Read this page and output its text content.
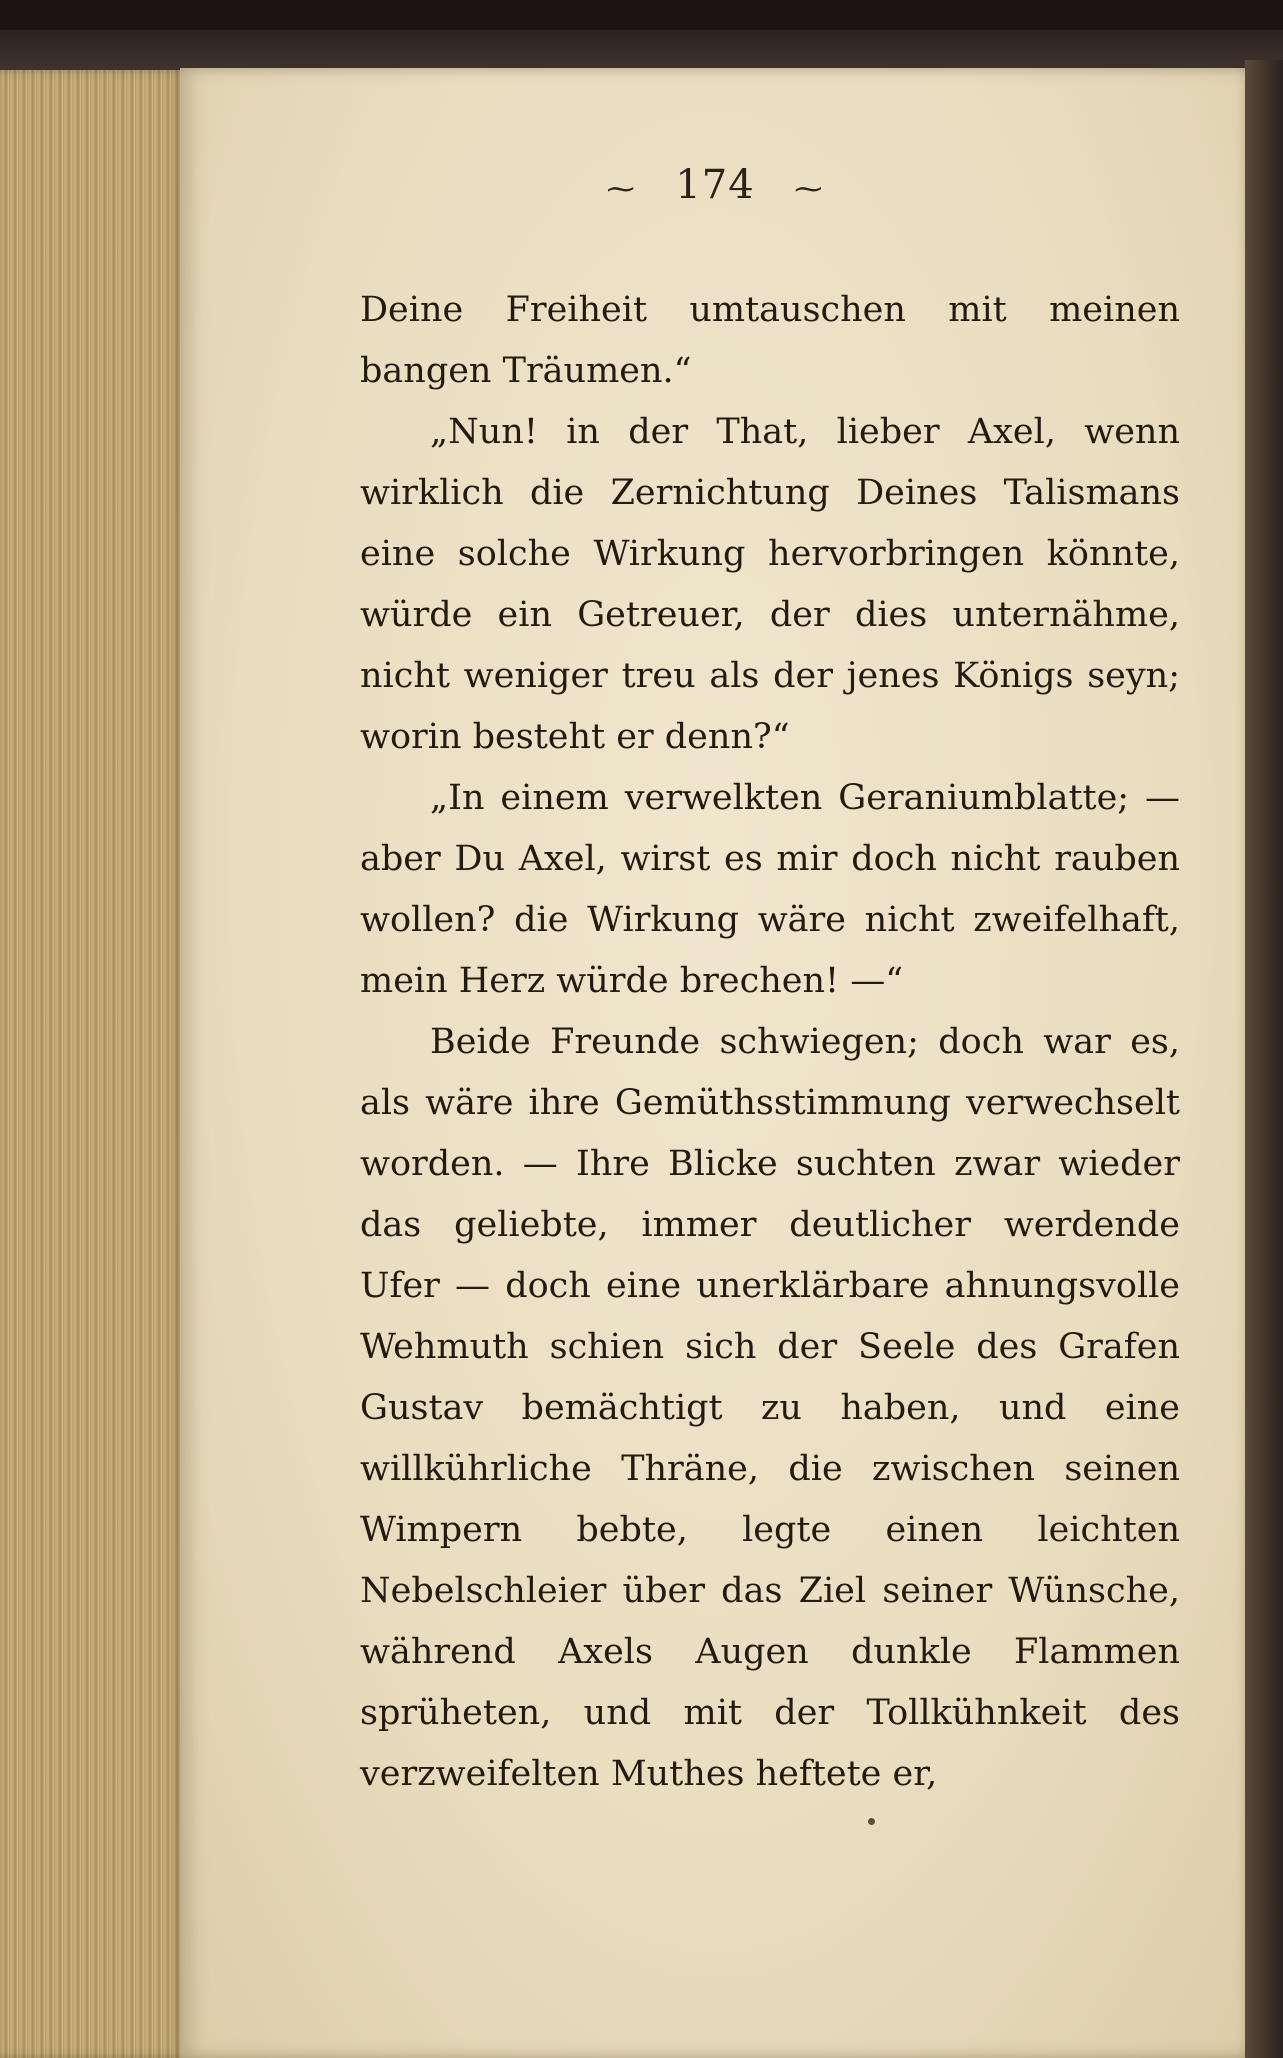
⁓ 174 ⁓

Deine Freiheit umtauschen mit meinen bangen Träumen.“

„Nun! in der That, lieber Axel, wenn wirklich die Zernichtung Deines Talismans eine solche Wirkung hervorbringen könnte, würde ein Getreuer, der dies unternähme, nicht weniger treu als der jenes Königs seyn; worin besteht er denn?“

„In einem verwelkten Geraniumblatte; — aber Du Axel, wirst es mir doch nicht rauben wollen? die Wirkung wäre nicht zweifelhaft, mein Herz würde brechen! —“

Beide Freunde schwiegen; doch war es, als wäre ihre Gemüthsstimmung verwechselt worden. — Ihre Blicke suchten zwar wieder das geliebte, immer deutlicher werdende Ufer — doch eine unerklärbare ahnungsvolle Wehmuth schien sich der Seele des Grafen Gustav bemächtigt zu haben, und eine willkührliche Thräne, die zwischen seinen Wimpern bebte, legte einen leichten Nebelschleier über das Ziel seiner Wünsche, während Axels Augen dunkle Flammen sprüheten, und mit der Tollkühnkeit des verzweifelten Muthes heftete er,
